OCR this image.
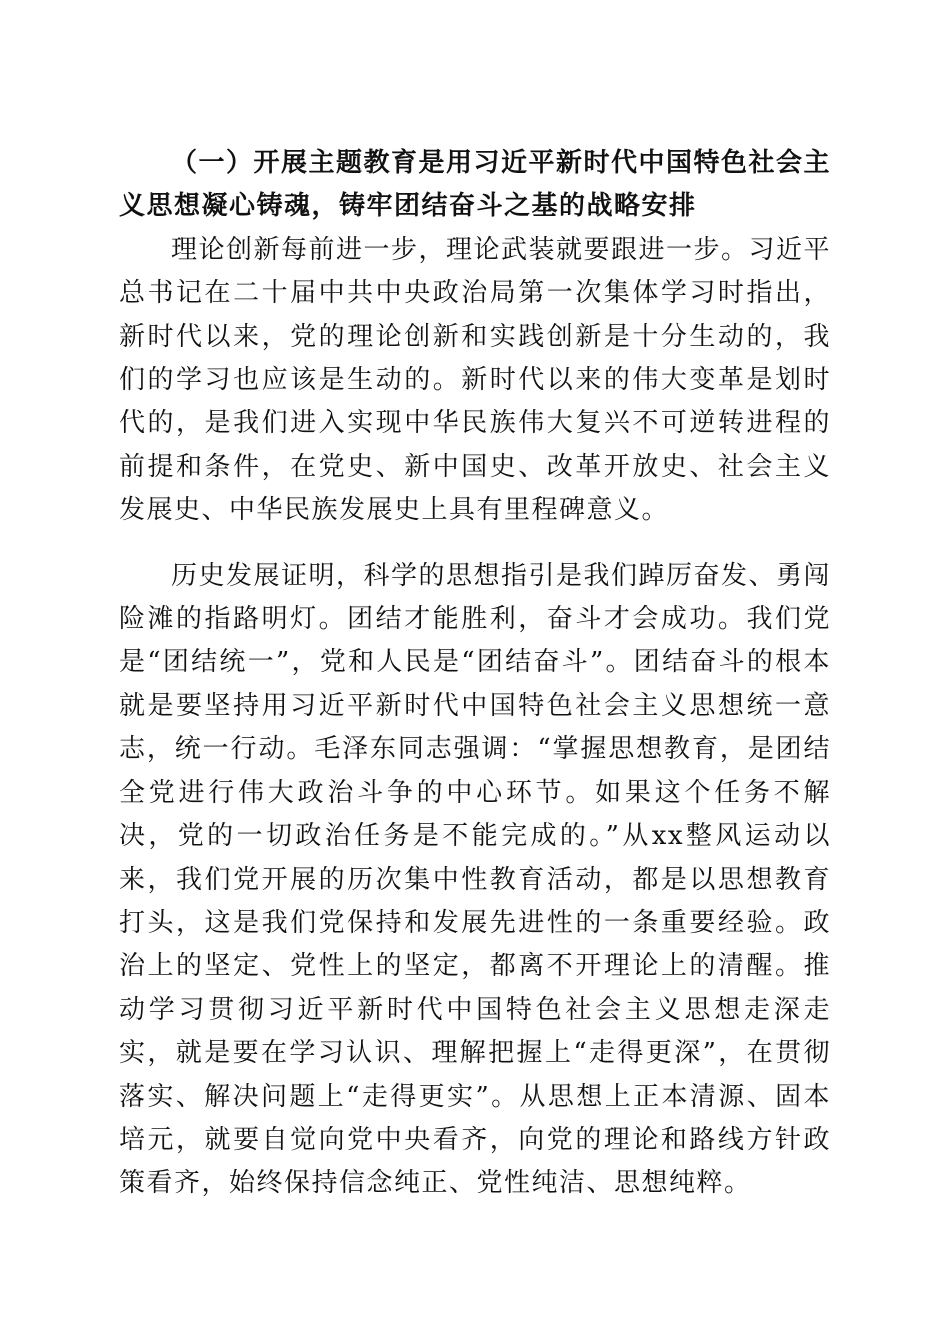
（一）开展主题教育是用习近平新时代中国特色社会主义思想凝心铸魂，铸牢团结奋斗之基的战略安排

理论创新每前进一步，理论武装就要跟进一步。习近平总书记在二十届中共中央政治局第一次集体学习时指出，新时代以来，党的理论创新和实践创新是十分生动的，我们的学习也应该是生动的。新时代以来的伟大变革是划时代的，是我们进入实现中华民族伟大复兴不可逆转进程的前提和条件，在党史、新中国史、改革开放史、社会主义发展史、中华民族发展史上具有里程碑意义。

历史发展证明，科学的思想指引是我们踔厉奋发、勇闯险滩的指路明灯。团结才能胜利，奋斗才会成功。我们党是“团结统一”，党和人民是“团结奋斗”。团结奋斗的根本就是要坚持用习近平新时代中国特色社会主义思想统一意志，统一行动。毛泽东同志强调：“掌握思想教育，是团结全党进行伟大政治斗争的中心环节。如果这个任务不解决，党的一切政治任务是不能完成的。”从xx整风运动以来，我们党开展的历次集中性教育活动，都是以思想教育打头，这是我们党保持和发展先进性的一条重要经验。政治上的坚定、党性上的坚定，都离不开理论上的清醒。推动学习贯彻习近平新时代中国特色社会主义思想走深走实，就是要在学习认识、理解把握上“走得更深”，在贯彻落实、解决问题上“走得更实”。从思想上正本清源、固本培元，就要自觉向党中央看齐，向党的理论和路线方针政策看齐，始终保持信念纯正、党性纯洁、思想纯粹。
